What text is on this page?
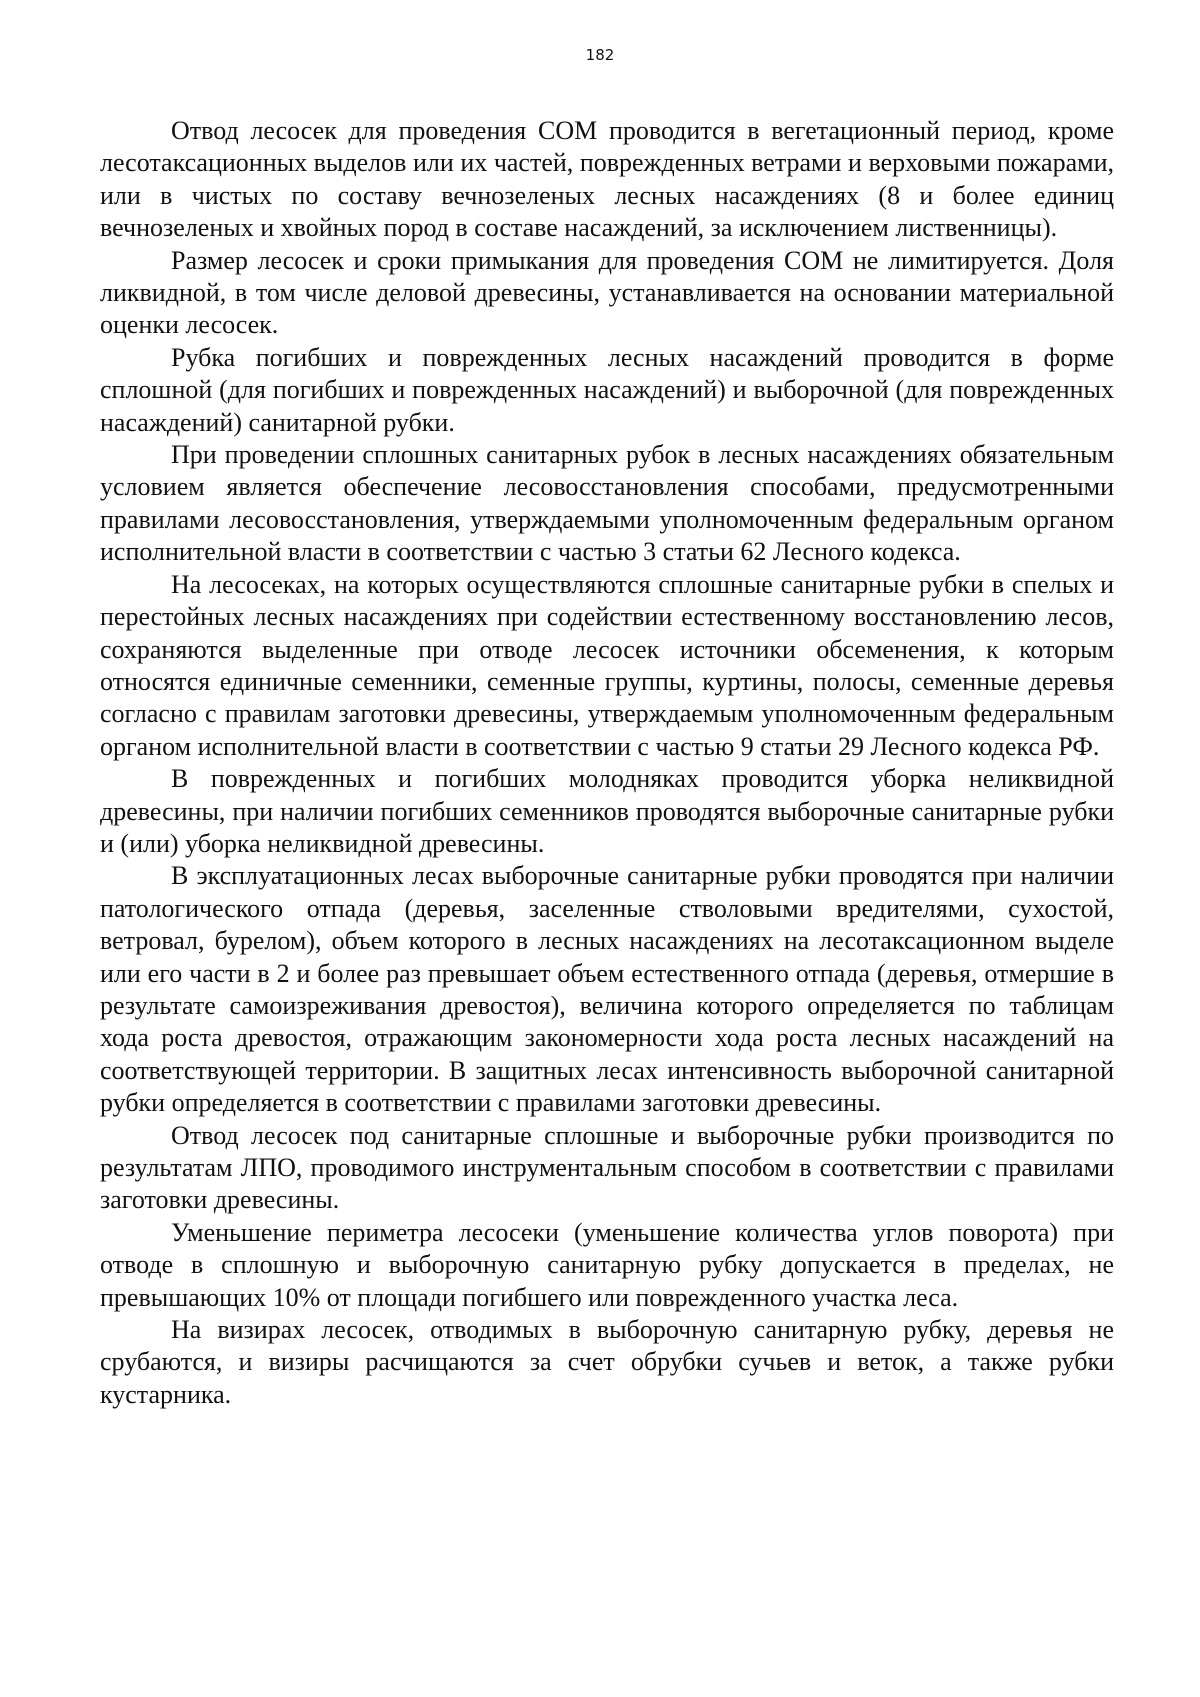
182

Отвод лесосек для проведения СОМ проводится в вегетационный период, кроме лесотаксационных выделов или их частей, поврежденных ветрами и верховыми пожарами, или в чистых по составу вечнозеленых лесных насаждениях (8 и более единиц вечнозеленых и хвойных пород в составе насаждений, за исключением лиственницы).

Размер лесосек и сроки примыкания для проведения СОМ не лимитируется. Доля ликвидной, в том числе деловой древесины, устанавливается на основании материальной оценки лесосек.

Рубка погибших и поврежденных лесных насаждений проводится в форме сплошной (для погибших и поврежденных насаждений) и выборочной (для поврежденных насаждений) санитарной рубки.

При проведении сплошных санитарных рубок в лесных насаждениях обязательным условием является обеспечение лесовосстановления способами, предусмотренными правилами лесовосстановления, утверждаемыми уполномоченным федеральным органом исполнительной власти в соответствии с частью 3 статьи 62 Лесного кодекса.

На лесосеках, на которых осуществляются сплошные санитарные рубки в спелых и перестойных лесных насаждениях при содействии естественному восстановлению лесов, сохраняются выделенные при отводе лесосек источники обсеменения, к которым относятся единичные семенники, семенные группы, куртины, полосы, семенные деревья согласно с правилам заготовки древесины, утверждаемым уполномоченным федеральным органом исполнительной власти в соответствии с частью 9 статьи 29 Лесного кодекса РФ.

В поврежденных и погибших молодняках проводится уборка неликвидной древесины, при наличии погибших семенников проводятся выборочные санитарные рубки и (или) уборка неликвидной древесины.

В эксплуатационных лесах выборочные санитарные рубки проводятся при наличии патологического отпада (деревья, заселенные стволовыми вредителями, сухостой, ветровал, бурелом), объем которого в лесных насаждениях на лесотаксационном выделе или его части в 2 и более раз превышает объем естественного отпада (деревья, отмершие в результате самоизреживания древостоя), величина которого определяется по таблицам хода роста древостоя, отражающим закономерности хода роста лесных насаждений на соответствующей территории. В защитных лесах интенсивность выборочной санитарной рубки определяется в соответствии с правилами заготовки древесины.

Отвод лесосек под санитарные сплошные и выборочные рубки производится по результатам ЛПО, проводимого инструментальным способом в соответствии с правилами заготовки древесины.

Уменьшение периметра лесосеки (уменьшение количества углов поворота) при отводе в сплошную и выборочную санитарную рубку допускается в пределах, не превышающих 10% от площади погибшего или поврежденного участка леса.

На визирах лесосек, отводимых в выборочную санитарную рубку, деревья не срубаются, и визиры расчищаются за счет обрубки сучьев и веток, а также рубки кустарника.
